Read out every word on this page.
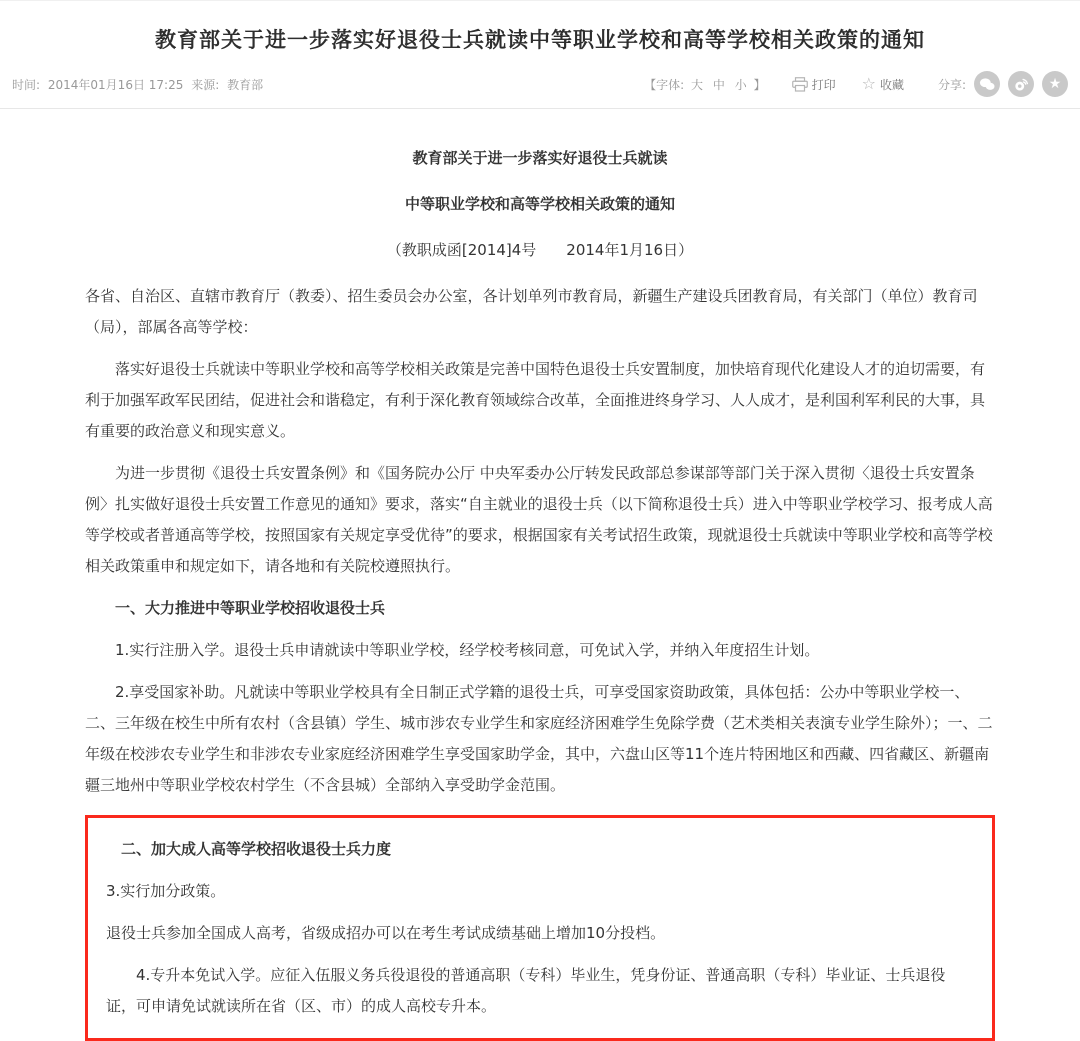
教育部关于进一步落实好退役士兵就读中等职业学校和高等学校相关政策的通知
时间: 2014年01月16日 17:25 来源: 教育部	【字体: 大 中 小 】	打印 ☆ 收藏	分享:	★

教育部关于进一步落实好退役士兵就读

中等职业学校和高等学校相关政策的通知

（教职成函[2014]4号　　2014年1月16日）

各省、自治区、直辖市教育厅（教委）、招生委员会办公室，各计划单列市教育局，新疆生产建设兵团教育局，有关部门（单位）教育司（局），部属各高等学校：

落实好退役士兵就读中等职业学校和高等学校相关政策是完善中国特色退役士兵安置制度，加快培育现代化建设人才的迫切需要，有利于加强军政军民团结，促进社会和谐稳定，有利于深化教育领域综合改革，全面推进终身学习、人人成才，是利国利军利民的大事，具有重要的政治意义和现实意义。

为进一步贯彻《退役士兵安置条例》和《国务院办公厅 中央军委办公厅转发民政部总参谋部等部门关于深入贯彻〈退役士兵安置条例〉扎实做好退役士兵安置工作意见的通知》要求，落实“自主就业的退役士兵（以下简称退役士兵）进入中等职业学校学习、报考成人高等学校或者普通高等学校，按照国家有关规定享受优待”的要求，根据国家有关考试招生政策，现就退役士兵就读中等职业学校和高等学校相关政策重申和规定如下，请各地和有关院校遵照执行。

一、大力推进中等职业学校招收退役士兵

1.实行注册入学。退役士兵申请就读中等职业学校，经学校考核同意，可免试入学，并纳入年度招生计划。

2.享受国家补助。凡就读中等职业学校具有全日制正式学籍的退役士兵，可享受国家资助政策，具体包括：公办中等职业学校一、二、三年级在校生中所有农村（含县镇）学生、城市涉农专业学生和家庭经济困难学生免除学费（艺术类相关表演专业学生除外）；一、二年级在校涉农专业学生和非涉农专业家庭经济困难学生享受国家助学金，其中，六盘山区等11个连片特困地区和西藏、四省藏区、新疆南疆三地州中等职业学校农村学生（不含县城）全部纳入享受助学金范围。

二、加大成人高等学校招收退役士兵力度

3.实行加分政策。

退役士兵参加全国成人高考，省级成招办可以在考生考试成绩基础上增加10分投档。

4.专升本免试入学。应征入伍服义务兵役退役的普通高职（专科）毕业生，凭身份证、普通高职（专科）毕业证、士兵退役证，可申请免试就读所在省（区、市）的成人高校专升本。
